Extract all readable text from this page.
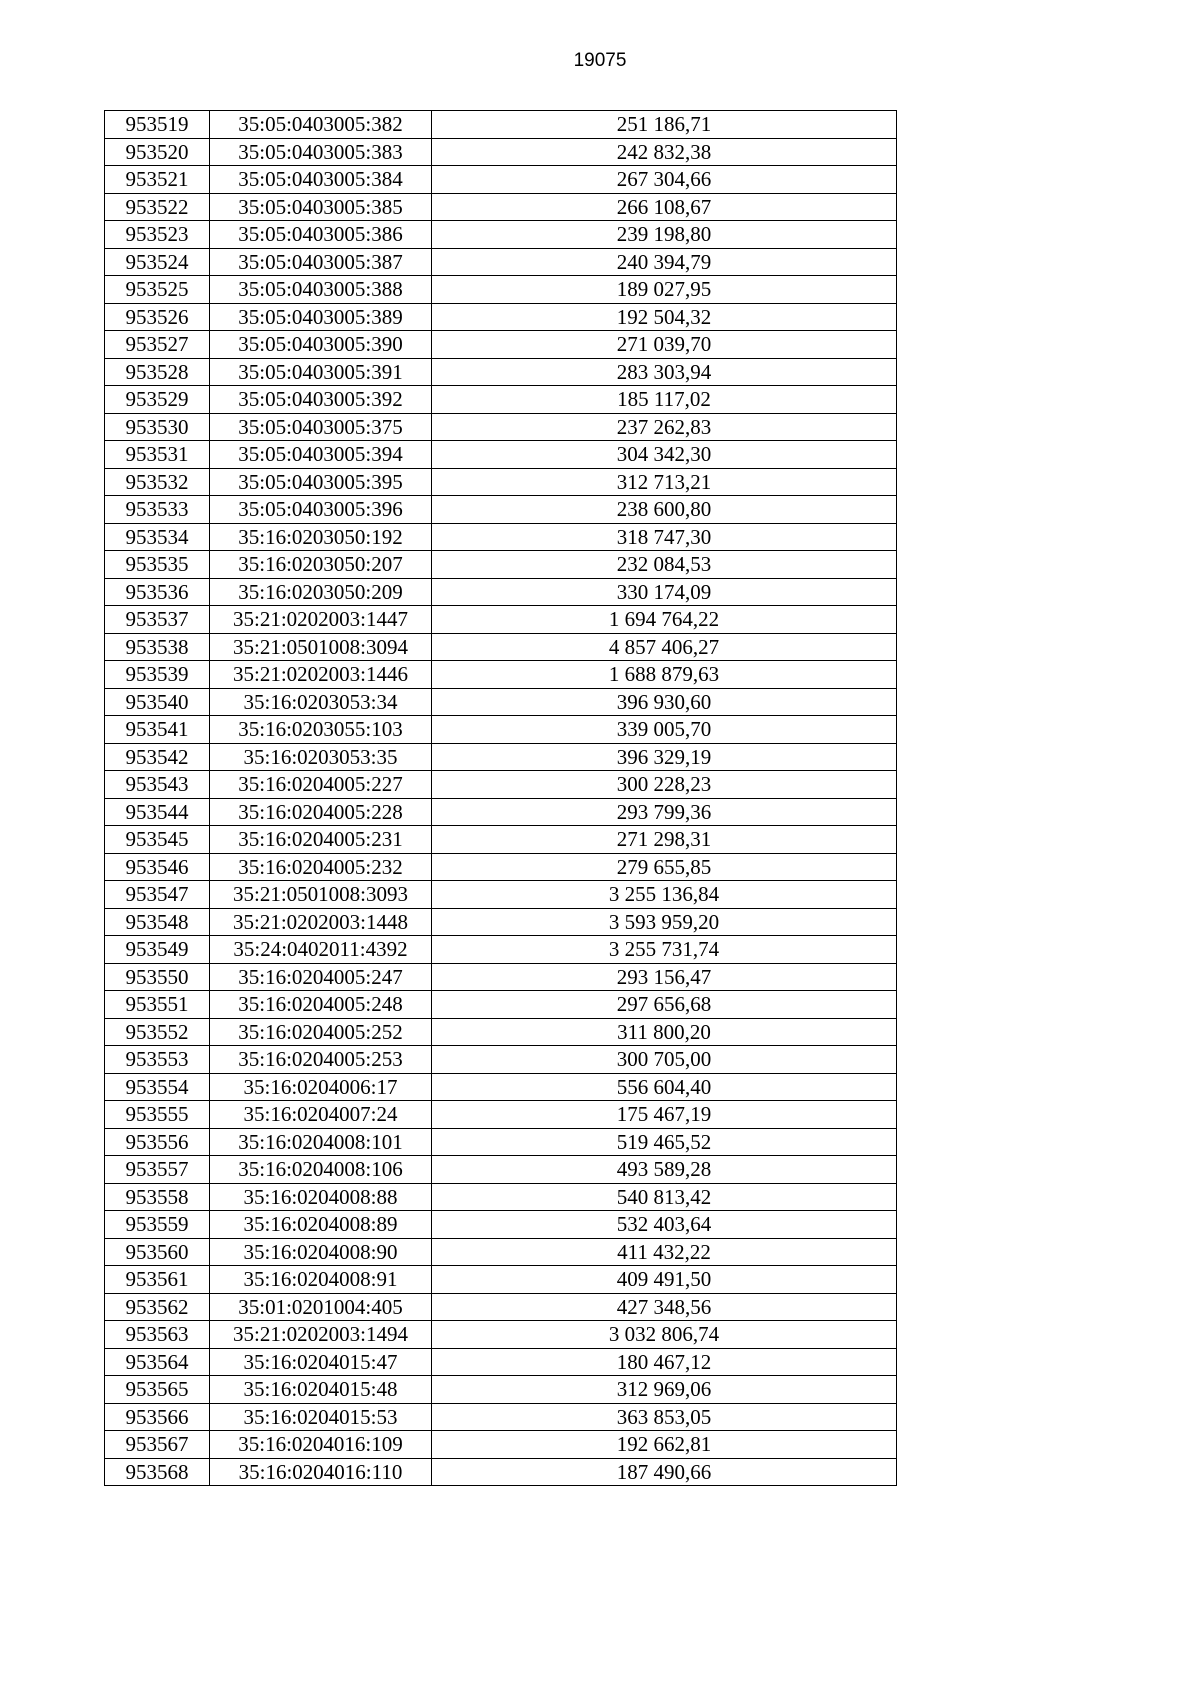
19075
953519	35:05:0403005:382	251 186,71
953520	35:05:0403005:383	242 832,38
953521	35:05:0403005:384	267 304,66
953522	35:05:0403005:385	266 108,67
953523	35:05:0403005:386	239 198,80
953524	35:05:0403005:387	240 394,79
953525	35:05:0403005:388	189 027,95
953526	35:05:0403005:389	192 504,32
953527	35:05:0403005:390	271 039,70
953528	35:05:0403005:391	283 303,94
953529	35:05:0403005:392	185 117,02
953530	35:05:0403005:375	237 262,83
953531	35:05:0403005:394	304 342,30
953532	35:05:0403005:395	312 713,21
953533	35:05:0403005:396	238 600,80
953534	35:16:0203050:192	318 747,30
953535	35:16:0203050:207	232 084,53
953536	35:16:0203050:209	330 174,09
953537	35:21:0202003:1447	1 694 764,22
953538	35:21:0501008:3094	4 857 406,27
953539	35:21:0202003:1446	1 688 879,63
953540	35:16:0203053:34	396 930,60
953541	35:16:0203055:103	339 005,70
953542	35:16:0203053:35	396 329,19
953543	35:16:0204005:227	300 228,23
953544	35:16:0204005:228	293 799,36
953545	35:16:0204005:231	271 298,31
953546	35:16:0204005:232	279 655,85
953547	35:21:0501008:3093	3 255 136,84
953548	35:21:0202003:1448	3 593 959,20
953549	35:24:0402011:4392	3 255 731,74
953550	35:16:0204005:247	293 156,47
953551	35:16:0204005:248	297 656,68
953552	35:16:0204005:252	311 800,20
953553	35:16:0204005:253	300 705,00
953554	35:16:0204006:17	556 604,40
953555	35:16:0204007:24	175 467,19
953556	35:16:0204008:101	519 465,52
953557	35:16:0204008:106	493 589,28
953558	35:16:0204008:88	540 813,42
953559	35:16:0204008:89	532 403,64
953560	35:16:0204008:90	411 432,22
953561	35:16:0204008:91	409 491,50
953562	35:01:0201004:405	427 348,56
953563	35:21:0202003:1494	3 032 806,74
953564	35:16:0204015:47	180 467,12
953565	35:16:0204015:48	312 969,06
953566	35:16:0204015:53	363 853,05
953567	35:16:0204016:109	192 662,81
953568	35:16:0204016:110	187 490,66
